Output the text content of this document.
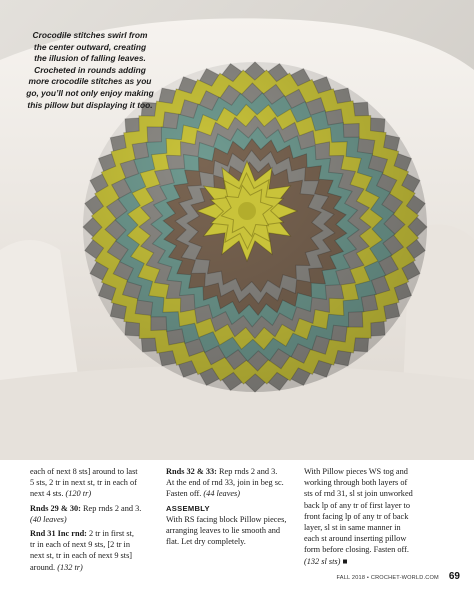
Crocodile stitches swirl from
the center outward, creating
the illusion of falling leaves.
Crocheted in rounds adding
more crocodile stitches as you
go, you’ll not only enjoy making
this pillow but displaying it too.
each of next 8 sts] around to last
5 sts, 2 tr in next st, tr in each of
next 4 sts. (120 tr)
Rnds 29 & 30: Rep rnds 2 and 3.
(40 leaves)
Rnd 31 Inc rnd: 2 tr in first st,
tr in each of next 9 sts, [2 tr in
next st, tr in each of next 9 sts]
around. (132 tr)
Rnds 32 & 33: Rep rnds 2 and 3.
At the end of rnd 33, join in beg sc.
Fasten off. (44 leaves)
ASSEMBLY
With RS facing block Pillow pieces,
arranging leaves to lie smooth and
flat. Let dry completely.
With Pillow pieces WS tog and
working through both layers of
sts of rnd 31, sl st join unworked
back lp of any tr of first layer to
front facing lp of any tr of back
layer, sl st in same manner in
each st around inserting pillow
form before closing. Fasten off.
(132 sl sts) ■
FALL 2018 • CROCHET-WORLD.COM 69
